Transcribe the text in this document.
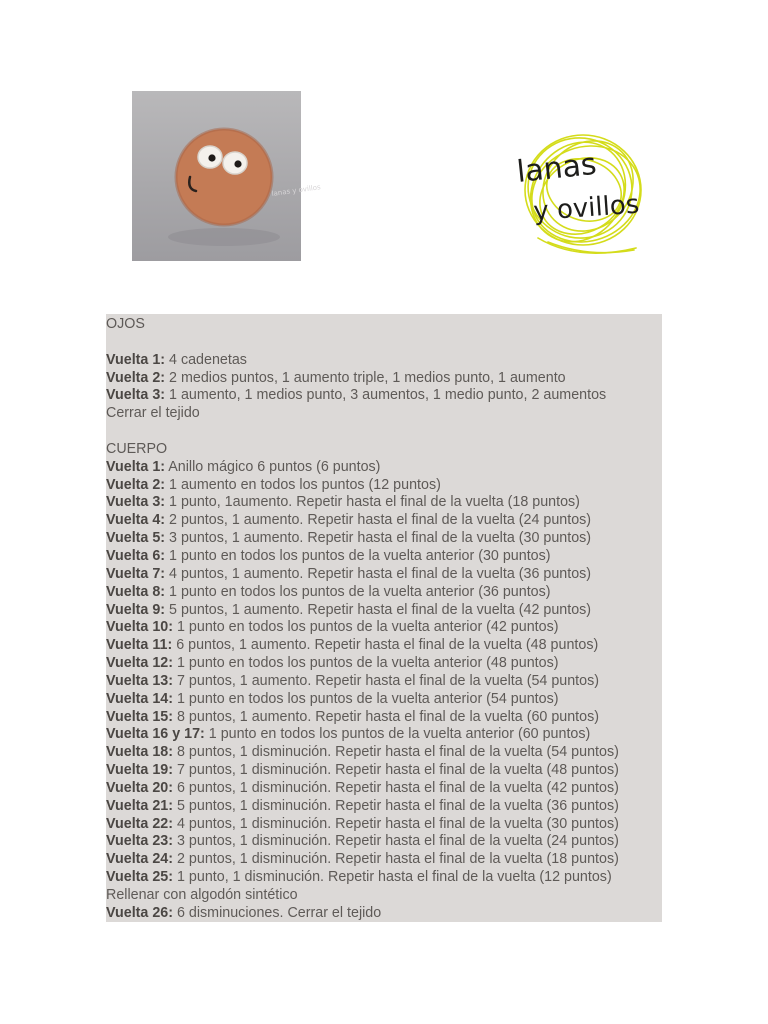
lanas y ovillos
lanas
y ovillos
OJOS
Vuelta 1: 4 cadenetas
Vuelta 2: 2 medios puntos, 1 aumento triple, 1 medios punto, 1 aumento
Vuelta 3: 1 aumento, 1 medios punto, 3 aumentos, 1 medio punto, 2 aumentos
Cerrar el tejido
CUERPO
Vuelta 1: Anillo mágico 6 puntos (6 puntos)
Vuelta 2: 1 aumento en todos los puntos (12 puntos)
Vuelta 3: 1 punto, 1aumento. Repetir hasta el final de la vuelta (18 puntos)
Vuelta 4: 2 puntos, 1 aumento. Repetir hasta el final de la vuelta (24 puntos)
Vuelta 5: 3 puntos, 1 aumento. Repetir hasta el final de la vuelta (30 puntos)
Vuelta 6: 1 punto en todos los puntos de la vuelta anterior (30 puntos)
Vuelta 7: 4 puntos, 1 aumento. Repetir hasta el final de la vuelta (36 puntos)
Vuelta 8: 1 punto en todos los puntos de la vuelta anterior (36 puntos)
Vuelta 9: 5 puntos, 1 aumento. Repetir hasta el final de la vuelta (42 puntos)
Vuelta 10: 1 punto en todos los puntos de la vuelta anterior (42 puntos)
Vuelta 11: 6 puntos, 1 aumento. Repetir hasta el final de la vuelta (48 puntos)
Vuelta 12: 1 punto en todos los puntos de la vuelta anterior (48 puntos)
Vuelta 13: 7 puntos, 1 aumento. Repetir hasta el final de la vuelta (54 puntos)
Vuelta 14: 1 punto en todos los puntos de la vuelta anterior (54 puntos)
Vuelta 15: 8 puntos, 1 aumento. Repetir hasta el final de la vuelta (60 puntos)
Vuelta 16 y 17: 1 punto en todos los puntos de la vuelta anterior (60 puntos)
Vuelta 18: 8 puntos, 1 disminución. Repetir hasta el final de la vuelta (54 puntos)
Vuelta 19: 7 puntos, 1 disminución. Repetir hasta el final de la vuelta (48 puntos)
Vuelta 20: 6 puntos, 1 disminución. Repetir hasta el final de la vuelta (42 puntos)
Vuelta 21: 5 puntos, 1 disminución. Repetir hasta el final de la vuelta (36 puntos)
Vuelta 22: 4 puntos, 1 disminución. Repetir hasta el final de la vuelta (30 puntos)
Vuelta 23: 3 puntos, 1 disminución. Repetir hasta el final de la vuelta (24 puntos)
Vuelta 24: 2 puntos, 1 disminución. Repetir hasta el final de la vuelta (18 puntos)
Vuelta 25: 1 punto, 1 disminución. Repetir hasta el final de la vuelta (12 puntos)
Rellenar con algodón sintético
Vuelta 26: 6 disminuciones. Cerrar el tejido
